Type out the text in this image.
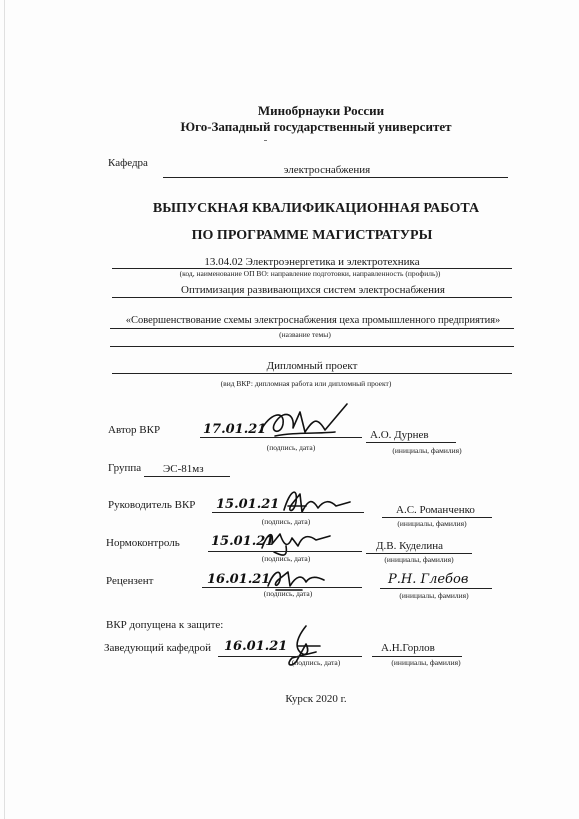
Минобрнауки России
Юго-Западный государственный университет
Кафедра
электроснабжения
ВЫПУСКНАЯ КВАЛИФИКАЦИОННАЯ РАБОТА
ПО ПРОГРАММЕ МАГИСТРАТУРЫ
13.04.02 Электроэнергетика и электротехника
(код, наименование ОП ВО: направление подготовки, направленность (профиль))
Оптимизация развивающихся систем электроснабжения
«Совершенствование схемы электроснабжения цеха промышленного предприятия»
(название темы)
Дипломный проект
(вид ВКР: дипломная работа или дипломный проект)
Автор ВКР	17.01.21	А.О. Дурнев
(подпись, дата)	(инициалы, фамилия)
Группа ЭС-81мз
Руководитель ВКР 15.01.21	А.С. Романченко
(подпись, дата)	(инициалы, фамилия)
Нормоконтроль 15.01.21	Д.В. Куделина
(подпись, дата)	(инициалы, фамилия)
Рецензент	16.01.21	Р.Н. Глебов
(подпись, дата)	(инициалы, фамилия)
ВКР допущена к защите:
Заведующий кафедрой 16.01.21	А.Н.Горлов
(подпись, дата)	(инициалы, фамилия)
Курск 2020 г.
